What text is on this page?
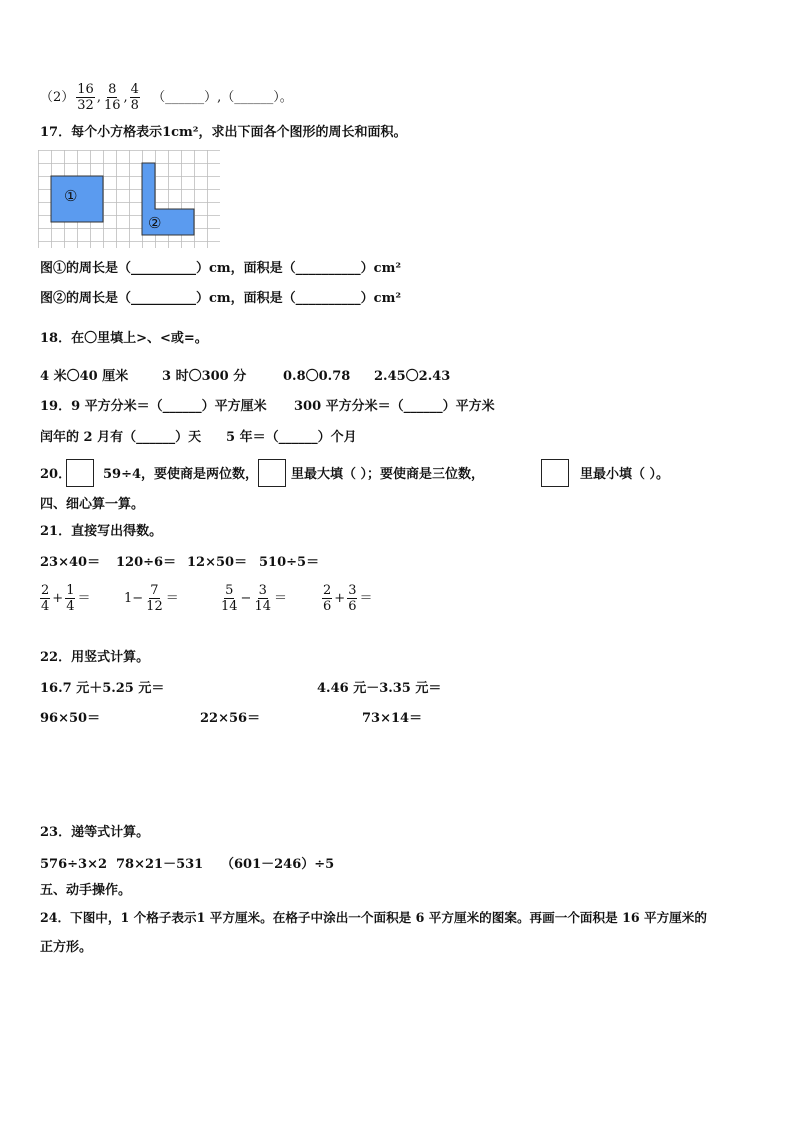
$(2) \frac{16}{32}$ , $\frac{8}{16}$ , $\frac{4}{8}$ （______）,（______）。
17．每个小方格表示1cm²，求出下面各个图形的周长和面积。
①
②
图①的周长是（__________）cm，面积是（__________）cm²
图②的周长是（__________）cm，面积是（__________）cm²
18．在〇里填上>、<或=。
4 米〇40 厘米	3 时〇300 分	0.8〇0.78 2.45〇2.43
19．9 平方分米＝（______）平方厘米 300 平方分米＝（______）平方米
闰年的 2 月有（______）天 5 年＝（______）个月
20． 59÷4，要使商是两位数，	里最大填（ ）；要使商是三位数，	里最小填（ ）。
四、细心算一算。
21．直接写出得数。
23×40＝ 120÷6＝ 12×50＝ 510÷5＝
$\frac{2}{4} + \frac{1}{4}$ ＝	$1- \frac{7}{12}$ ＝	$\frac{5}{14} - \frac{3}{14}$ ＝	$\frac{2}{6} + \frac{3}{6}$ ＝
22．用竖式计算。
16.7 元＋5.25 元＝	4.46 元－3.35 元＝
96×50＝	22×56＝	73×14＝
23．递等式计算。
576÷3×2 78×21－531 （601－246）÷5
五、动手操作。
24．下图中，1 个格子表示1 平方厘米。在格子中涂出一个面积是 6 平方厘米的图案。再画一个面积是 16 平方厘米的
正方形。
